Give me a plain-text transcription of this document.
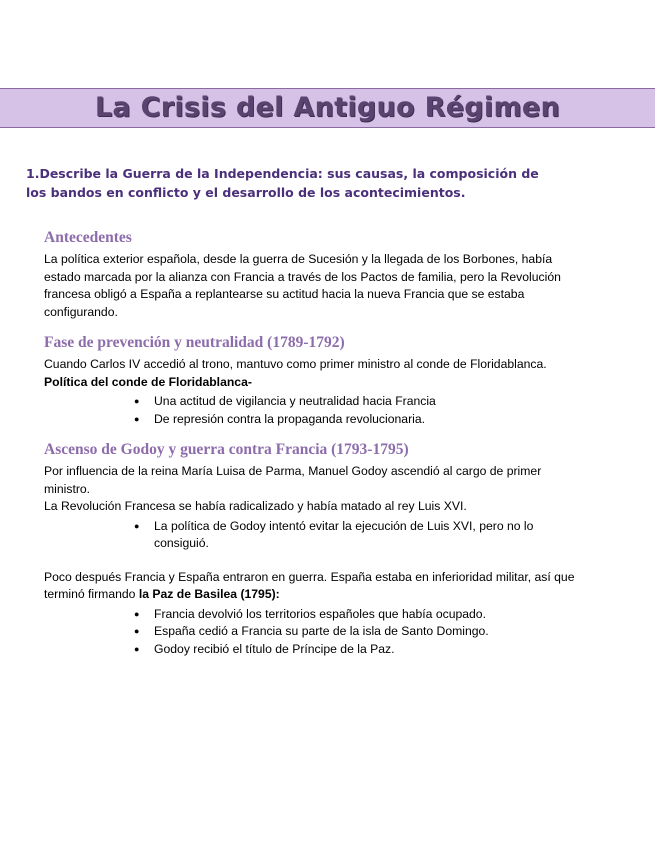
La Crisis del Antiguo Régimen
1.Describe la Guerra de la Independencia: sus causas, la composición de los bandos en conflicto y el desarrollo de los acontecimientos.
Antecedentes

La política exterior española, desde la guerra de Sucesión y la llegada de los Borbones, había estado marcada por la alianza con Francia a través de los Pactos de familia, pero la Revolución francesa obligó a España a replantearse su actitud hacia la nueva Francia que se estaba configurando.

Fase de prevención y neutralidad (1789-1792)

Cuando Carlos IV accedió al trono, mantuvo como primer ministro al conde de Floridablanca.

Política del conde de Floridablanca-

● Una actitud de vigilancia y neutralidad hacia Francia
● De represión contra la propaganda revolucionaria.
Ascenso de Godoy y guerra contra Francia (1793-1795)

Por influencia de la reina María Luisa de Parma, Manuel Godoy ascendió al cargo de primer ministro.

La Revolución Francesa se había radicalizado y había matado al rey Luis XVI.

● La política de Godoy intentó evitar la ejecución de Luis XVI, pero no lo consiguió.

Poco después Francia y España entraron en guerra. España estaba en inferioridad militar, así que terminó firmando la Paz de Basilea (1795):

● Francia devolvió los territorios españoles que había ocupado.
● España cedió a Francia su parte de la isla de Santo Domingo.
● Godoy recibió el título de Príncipe de la Paz.
